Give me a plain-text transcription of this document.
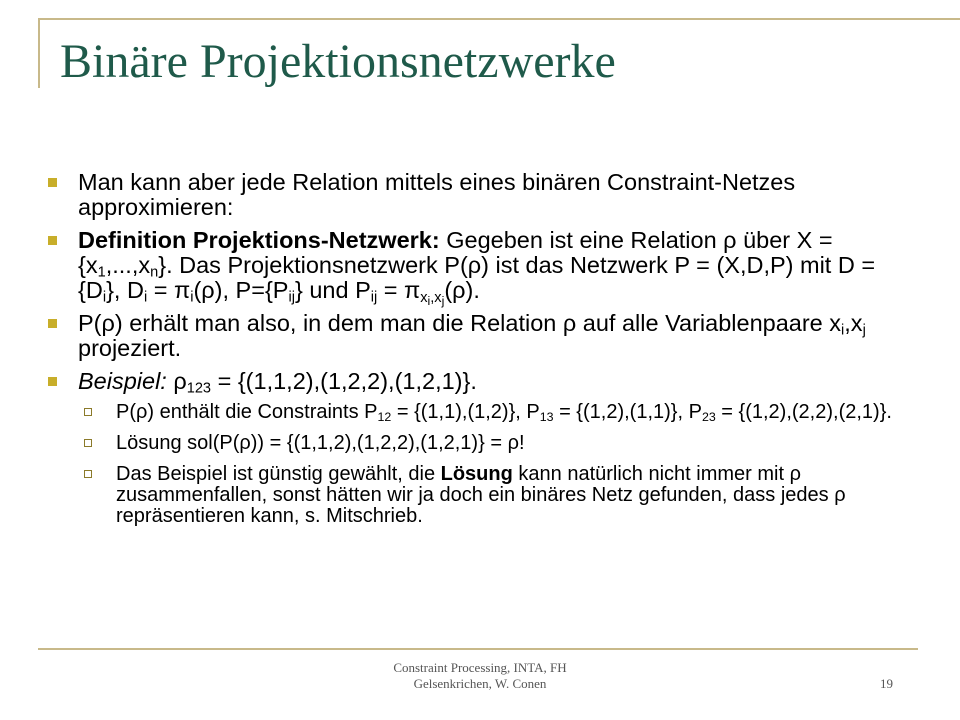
Binäre Projektionsnetzwerke
Man kann aber jede Relation mittels eines binären Constraint-Netzes approximieren:
Definition Projektions-Netzwerk: Gegeben ist eine Relation ρ über $X = \{x_1,...,x_n\}$. Das Projektionsnetzwerk P(ρ) ist das Netzwerk P = (X,D,P) mit $D = \{D_i\}$, $D_i = \pi_i(\rho)$, $P=\{P_{ij}\}$ und $P_{ij} = \pi_{x_i,x_j}(\rho)$.
P(ρ) erhält man also, in dem man die Relation ρ auf alle Variablenpaare $x_i,x_j$ projeziert.
Beispiel: $\rho_{123} = \{(1,1,2),(1,2,2),(1,2,1)\}$.
P(ρ) enthält die Constraints $P_{12} = \{(1,1),(1,2)\}$, $P_{13} = \{(1,2),(1,1)\}$, $P_{23} = \{(1,2),(2,2),(2,1)\}$.
Lösung sol(P(ρ)) = {(1,1,2),(1,2,2),(1,2,1)} = ρ!
Das Beispiel ist günstig gewählt, die Lösung kann natürlich nicht immer mit ρ zusammenfallen, sonst hätten wir ja doch ein binäres Netz gefunden, dass jedes ρ repräsentieren kann, s. Mitschrieb.
Constraint Processing, INTA, FH
Gelsenkrichen, W. Conen	19
